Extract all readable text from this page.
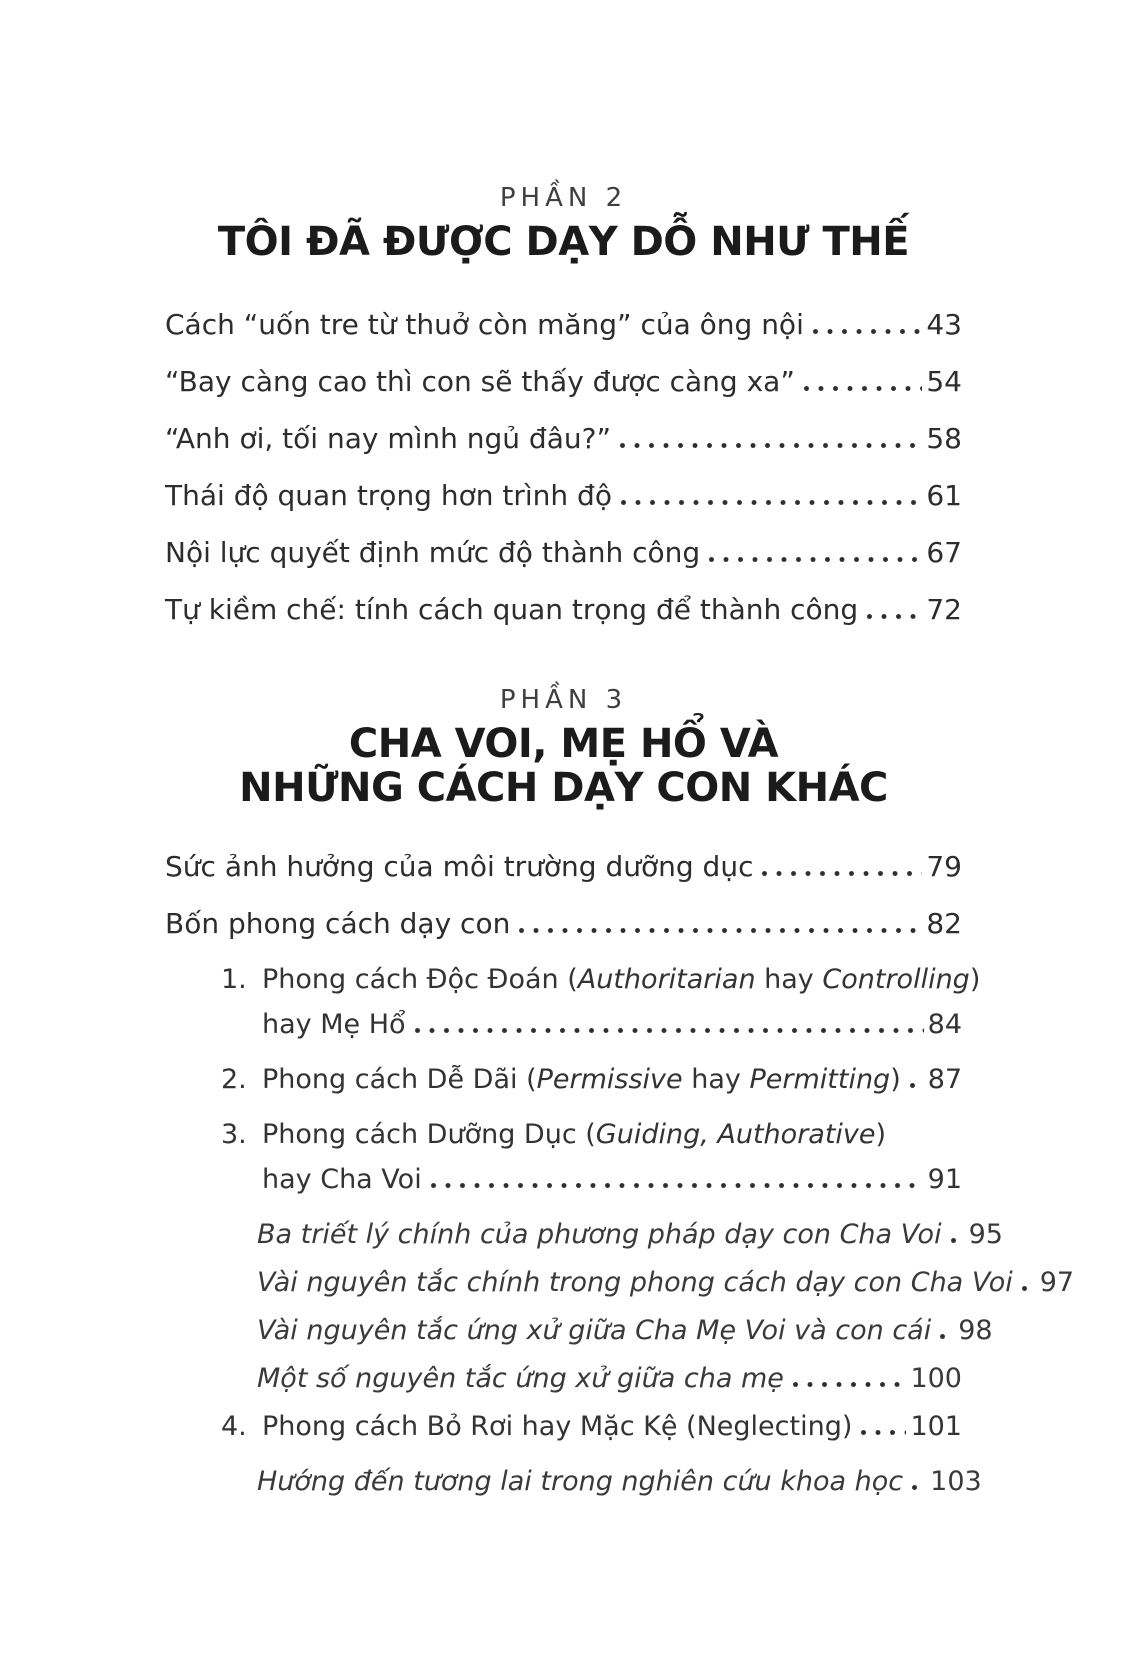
PHẦN 2
TÔI ĐÃ ĐƯỢC DẠY DỖ NHƯ THẾ
Cách “uốn tre từ thuở còn măng” của ông nội	43
“Bay càng cao thì con sẽ thấy được càng xa”	54
“Anh ơi, tối nay mình ngủ đâu?”	58
Thái độ quan trọng hơn trình độ	61
Nội lực quyết định mức độ thành công	67
Tự kiềm chế: tính cách quan trọng để thành công 72
PHẦN 3
CHA VOI, MẸ HỔ VÀ
NHỮNG CÁCH DẠY CON KHÁC
Sức ảnh hưởng của môi trường dưỡng dục	79
Bốn phong cách dạy con	82
1. Phong cách Độc Đoán (Authoritarian hay Controlling)
hay Mẹ Hổ	84
2. Phong cách Dễ Dãi (Permissive hay Permitting) 87
3. Phong cách Dưỡng Dục (Guiding, Authorative)
hay Cha Voi	91
Ba triết lý chính của phương pháp dạy con Cha Voi 95
Vài nguyên tắc chính trong phong cách dạy con Cha Voi 97
Vài nguyên tắc ứng xử giữa Cha Mẹ Voi và con cái 98
Một số nguyên tắc ứng xử giữa cha mẹ	100
4. Phong cách Bỏ Rơi hay Mặc Kệ (Neglecting) 101
Hướng đến tương lai trong nghiên cứu khoa học 103
